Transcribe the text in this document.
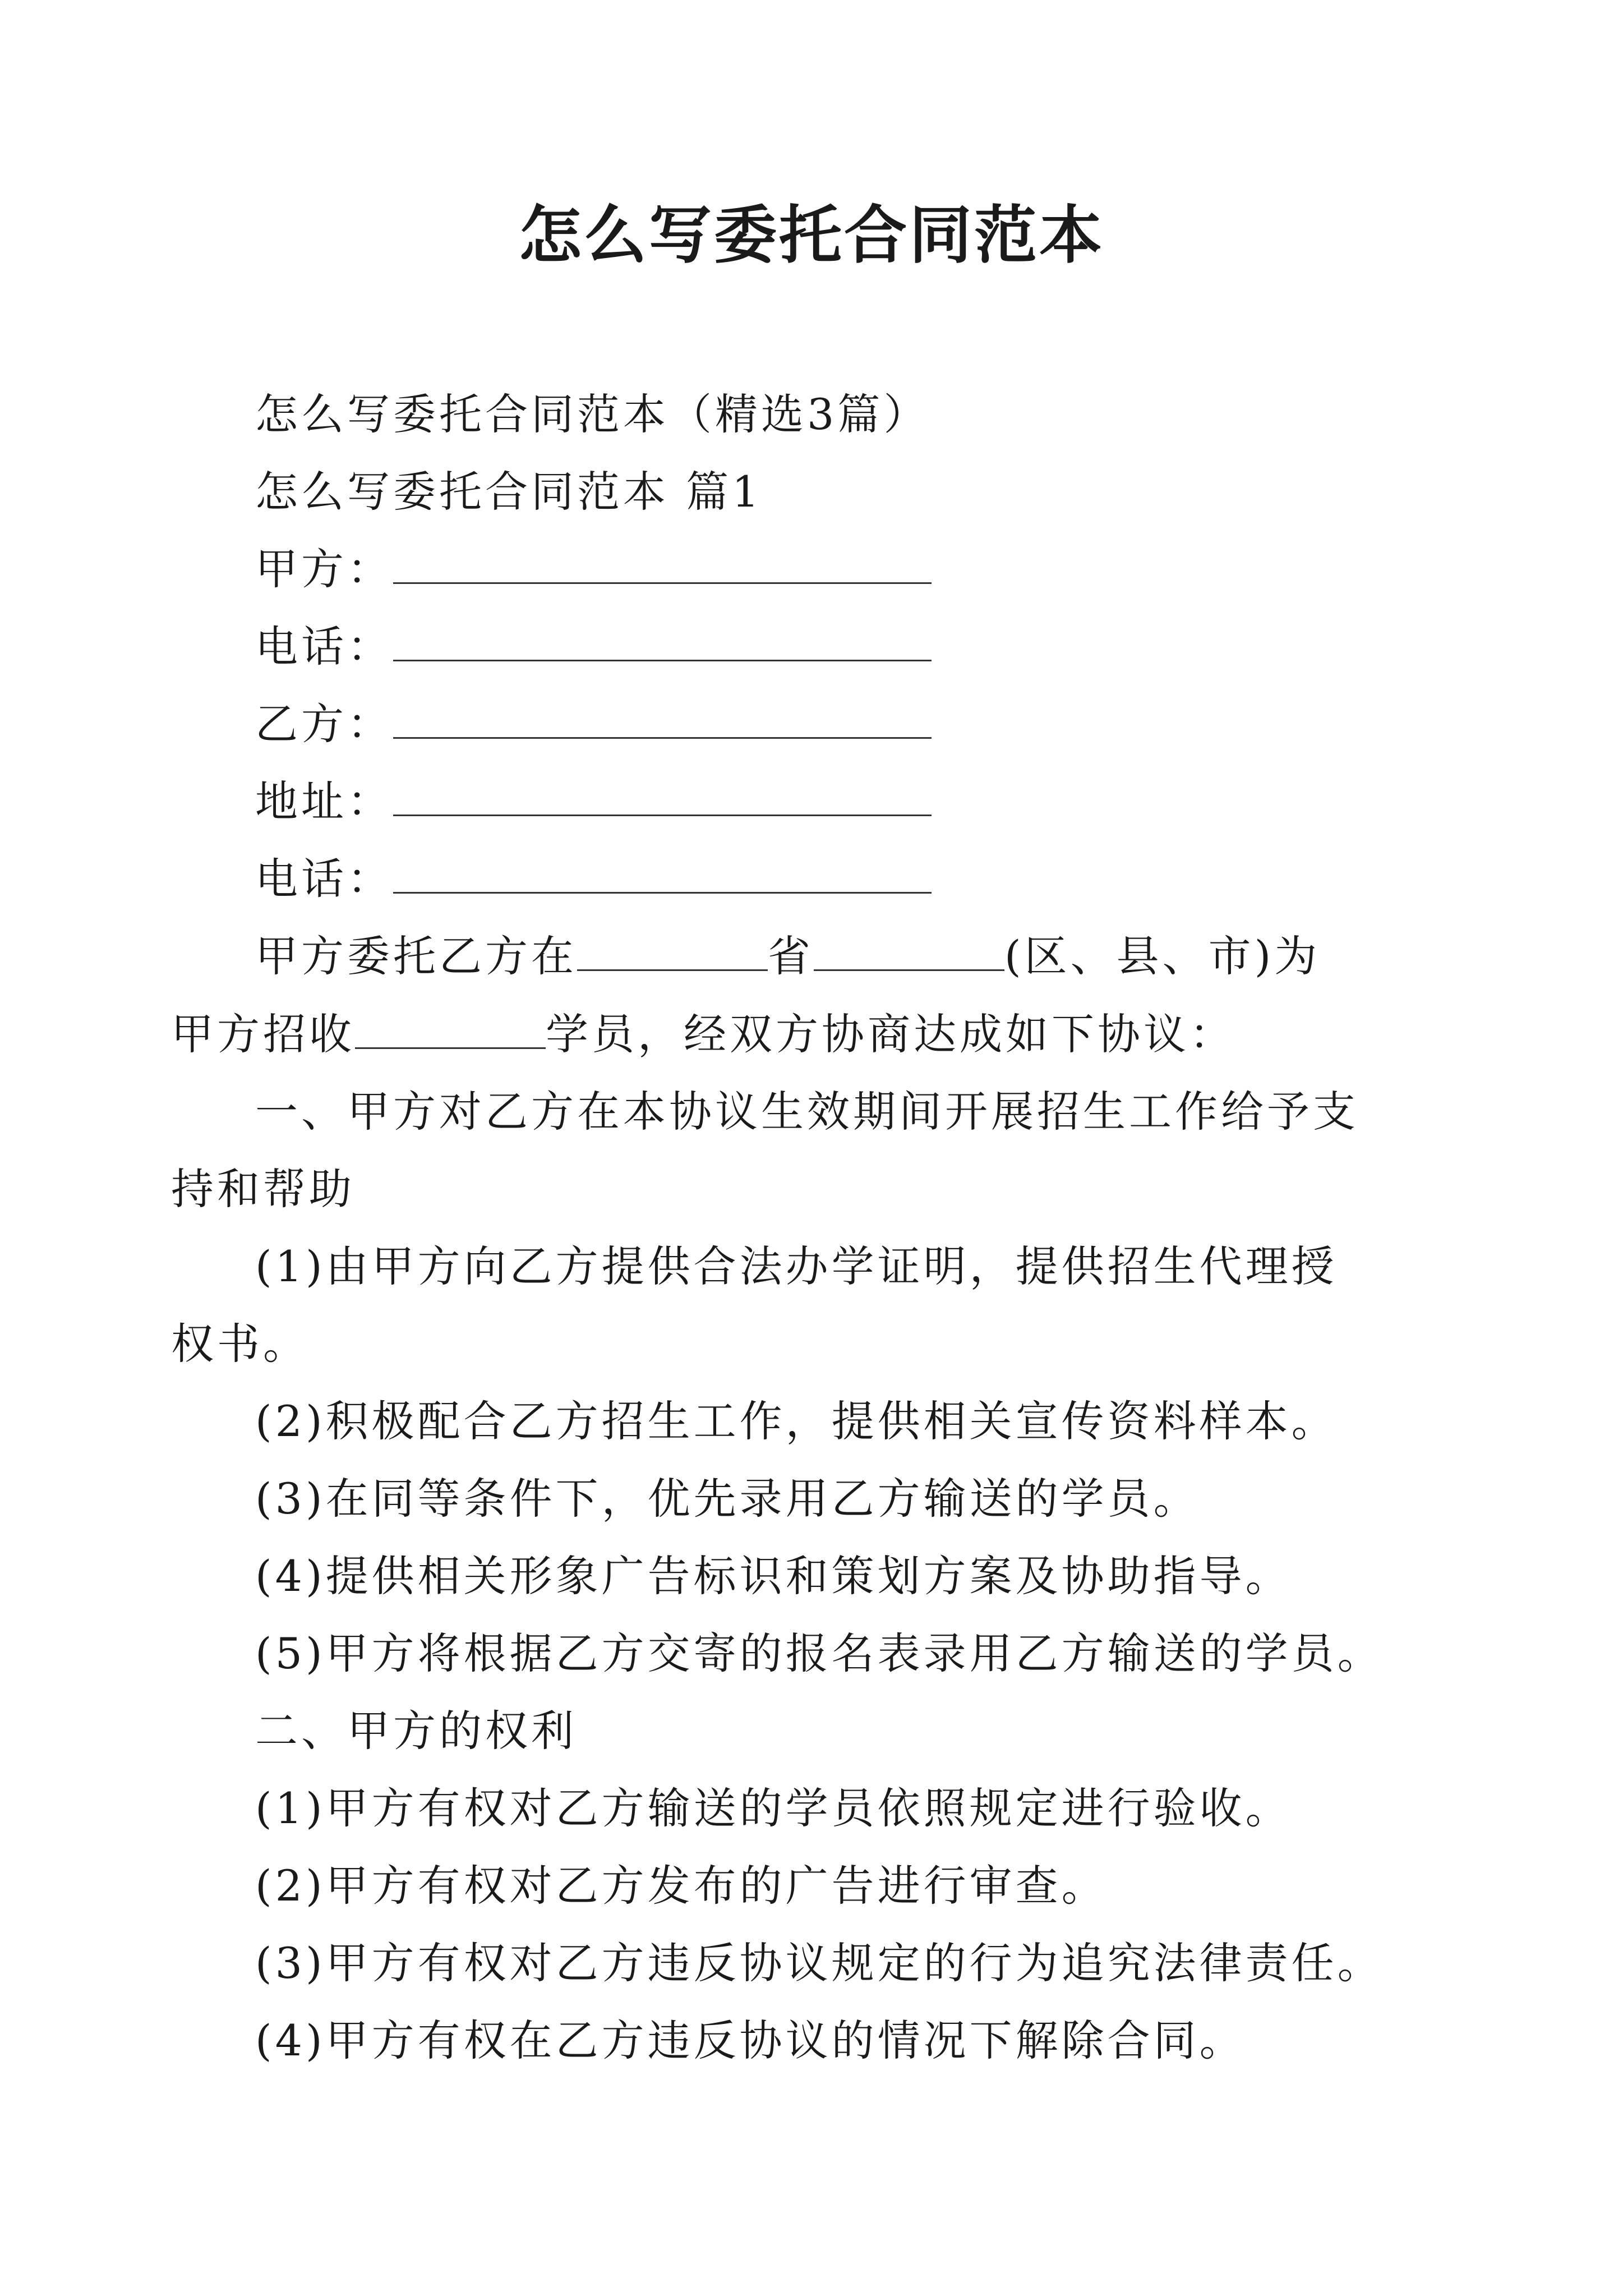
怎么写委托合同范本

怎么写委托合同范本（精选3篇）

怎么写委托合同范本 篇1

甲方：

电话：

乙方：

地址：

电话：

甲方委托乙方在	省	(区、县、市)为

甲方招收	学员，经双方协商达成如下协议：

一、甲方对乙方在本协议生效期间开展招生工作给予支

持和帮助

(1)由甲方向乙方提供合法办学证明，提供招生代理授

权书。

(2)积极配合乙方招生工作，提供相关宣传资料样本。

(3)在同等条件下，优先录用乙方输送的学员。

(4)提供相关形象广告标识和策划方案及协助指导。

(5)甲方将根据乙方交寄的报名表录用乙方输送的学员。

二、甲方的权利

(1)甲方有权对乙方输送的学员依照规定进行验收。

(2)甲方有权对乙方发布的广告进行审查。

(3)甲方有权对乙方违反协议规定的行为追究法律责任。

(4)甲方有权在乙方违反协议的情况下解除合同。
